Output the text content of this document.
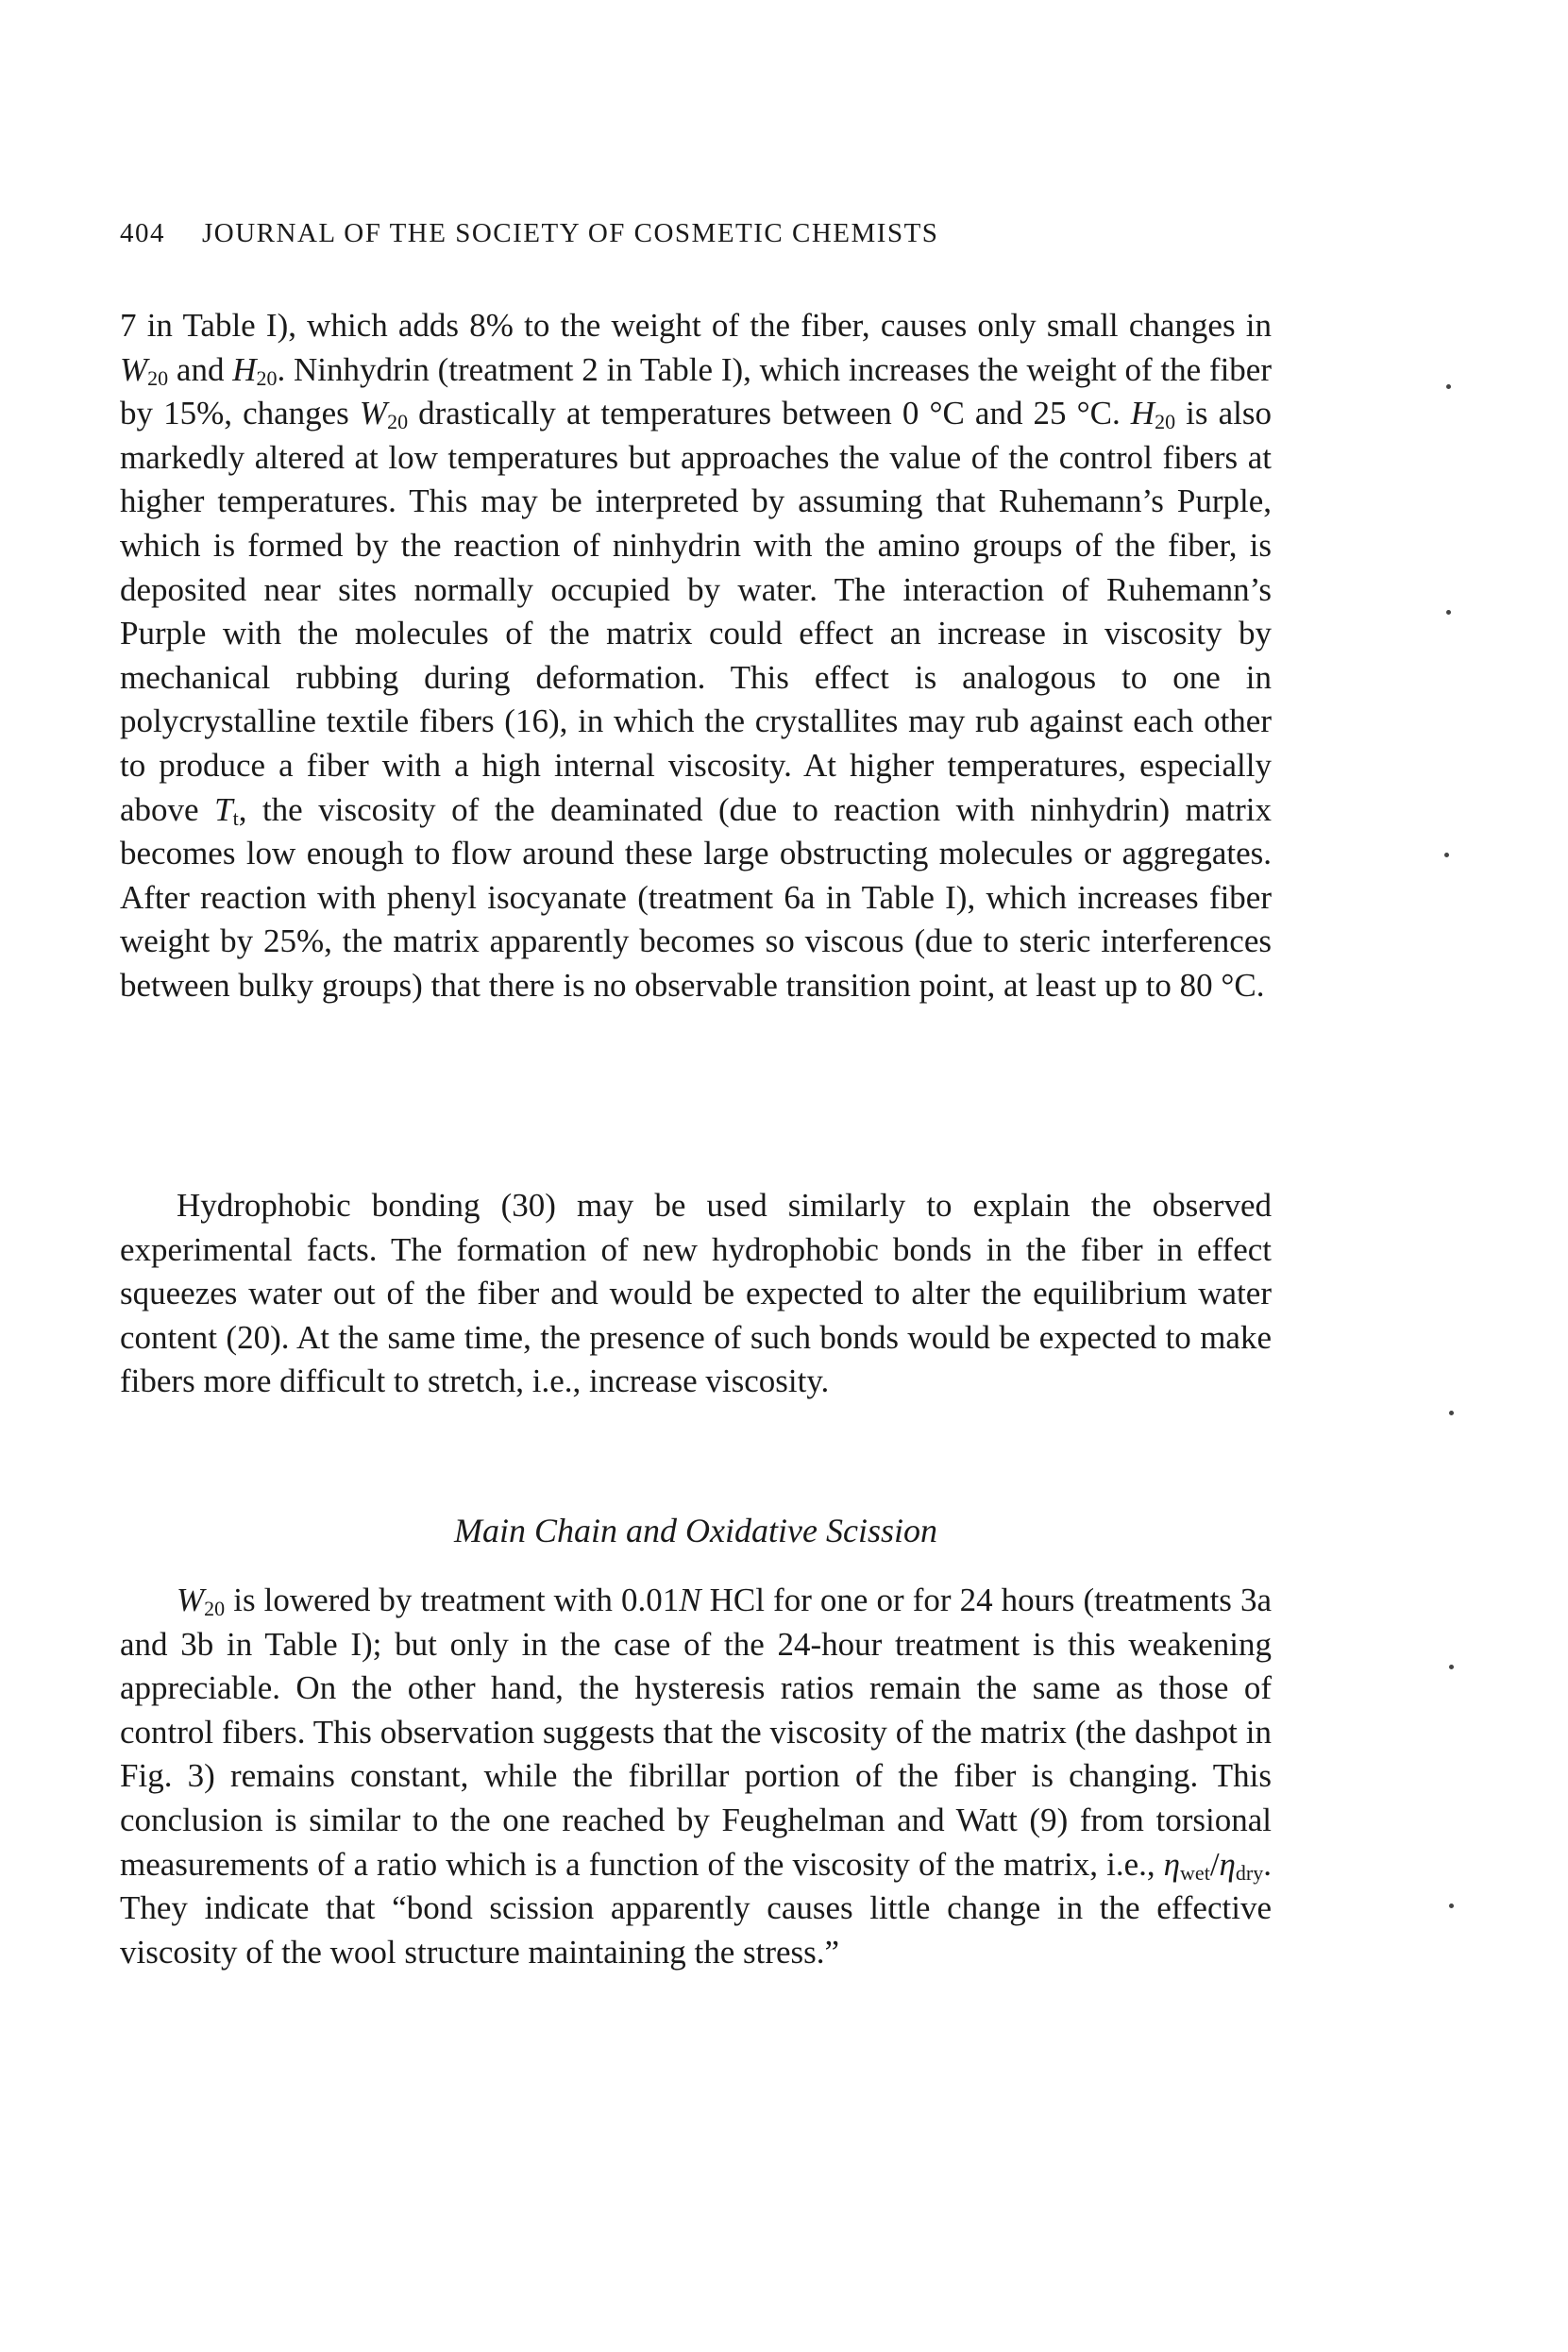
404 JOURNAL OF THE SOCIETY OF COSMETIC CHEMISTS

7 in Table I), which adds 8% to the weight of the fiber, causes only small changes in $W_{20}$ and $H_{20}$. Ninhydrin (treatment 2 in Table I), which increases the weight of the fiber by 15%, changes $W_{20}$ drastically at temperatures between 0 °C and 25 °C. $H_{20}$ is also markedly altered at low temperatures but approaches the value of the control fibers at higher temperatures. This may be interpreted by assuming that Ruhemann’s Purple, which is formed by the reaction of ninhydrin with the amino groups of the fiber, is deposited near sites normally occupied by water. The interaction of Ruhemann’s Purple with the molecules of the matrix could effect an increase in viscosity by mechanical rubbing during deformation. This effect is analogous to one in polycrystalline textile fibers (16), in which the crystallites may rub against each other to produce a fiber with a high internal viscosity. At higher temperatures, especially above $T_t$, the viscosity of the deaminated (due to reaction with ninhydrin) matrix becomes low enough to flow around these large obstructing molecules or aggregates. After reaction with phenyl isocyanate (treatment 6a in Table I), which increases fiber weight by 25%, the matrix apparently becomes so viscous (due to steric interferences between bulky groups) that there is no observable transition point, at least up to 80 °C.

Hydrophobic bonding (30) may be used similarly to explain the observed experimental facts. The formation of new hydrophobic bonds in the fiber in effect squeezes water out of the fiber and would be expected to alter the equilibrium water content (20). At the same time, the presence of such bonds would be expected to make fibers more difficult to stretch, i.e., increase viscosity.

Main Chain and Oxidative Scission

$W_{20}$ is lowered by treatment with 0.01N HCl for one or for 24 hours (treatments 3a and 3b in Table I); but only in the case of the 24-hour treatment is this weakening appreciable. On the other hand, the hysteresis ratios remain the same as those of control fibers. This observation suggests that the viscosity of the matrix (the dashpot in Fig. 3) remains constant, while the fibrillar portion of the fiber is changing. This conclusion is similar to the one reached by Feughelman and Watt (9) from torsional measurements of a ratio which is a function of the viscosity of the matrix, i.e., $\eta_{wet}/\eta_{dry}$. They indicate that “bond scission apparently causes little change in the effective viscosity of the wool structure maintaining the stress.”
